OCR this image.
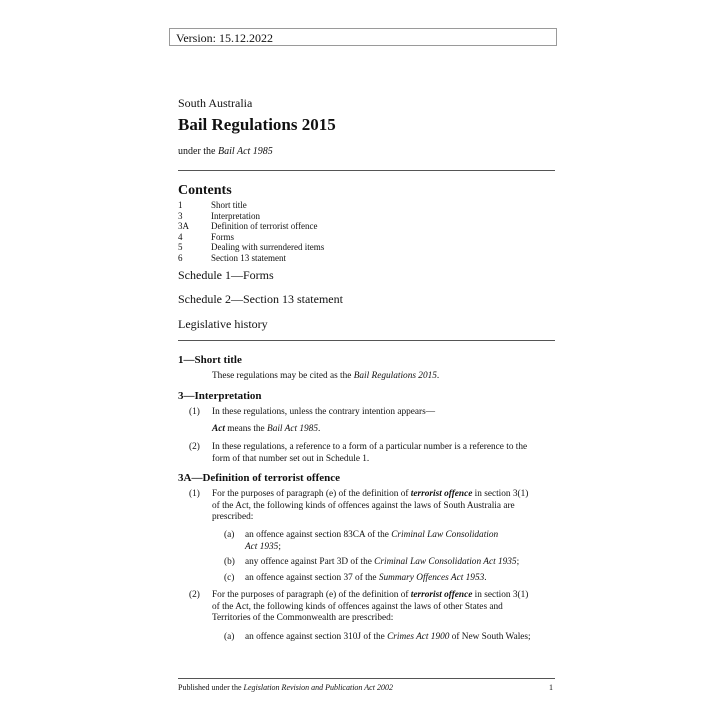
Version: 15.12.2022
South Australia
Bail Regulations 2015
under the Bail Act 1985
Contents
1	Short title
3	Interpretation
3A	Definition of terrorist offence
4	Forms
5	Dealing with surrendered items
6	Section 13 statement
Schedule 1—Forms
Schedule 2—Section 13 statement
Legislative history
1—Short title
These regulations may be cited as the Bail Regulations 2015.
3—Interpretation
(1) In these regulations, unless the contrary intention appears—
Act means the Bail Act 1985.
(2) In these regulations, a reference to a form of a particular number is a reference to the
form of that number set out in Schedule 1.
3A—Definition of terrorist offence
(1) For the purposes of paragraph (e) of the definition of terrorist offence in section 3(1)
of the Act, the following kinds of offences against the laws of South Australia are
prescribed:
(a) an offence against section 83CA of the Criminal Law Consolidation
Act 1935;
(b) any offence against Part 3D of the Criminal Law Consolidation Act 1935;
(c) an offence against section 37 of the Summary Offences Act 1953.
(2) For the purposes of paragraph (e) of the definition of terrorist offence in section 3(1)
of the Act, the following kinds of offences against the laws of other States and
Territories of the Commonwealth are prescribed:
(a) an offence against section 310J of the Crimes Act 1900 of New South Wales;
Published under the Legislation Revision and Publication Act 2002	1
